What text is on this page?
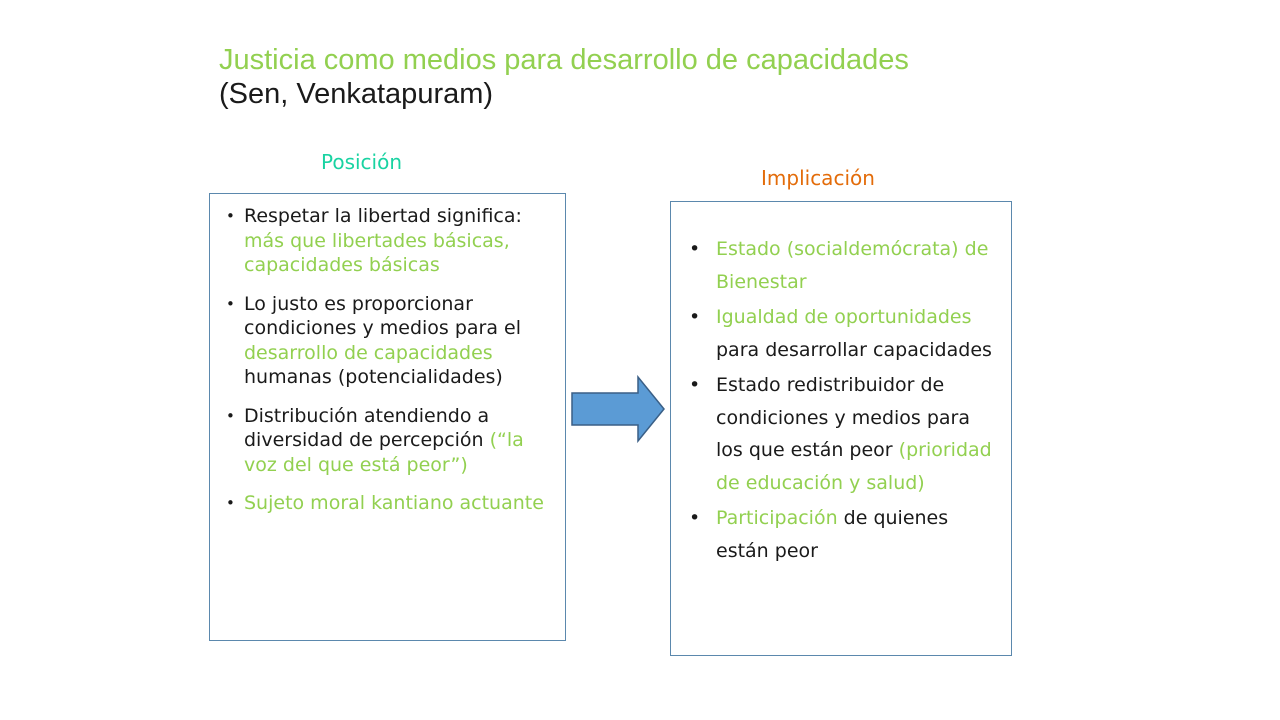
Justicia como medios para desarrollo de capacidades
(Sen, Venkatapuram)
Posición
Implicación
• Respetar la libertad significa: más que libertades básicas, capacidades básicas
• Lo justo es proporcionar condiciones y medios para el desarrollo de capacidades humanas (potencialidades)
• Distribución atendiendo a diversidad de percepción (“la voz del que está peor”)
• Sujeto moral kantiano actuante
• Estado (socialdemócrata) de Bienestar
• Igualdad de oportunidades para desarrollar capacidades
• Estado redistribuidor de condiciones y medios para los que están peor (prioridad de educación y salud)
• Participación de quienes están peor
